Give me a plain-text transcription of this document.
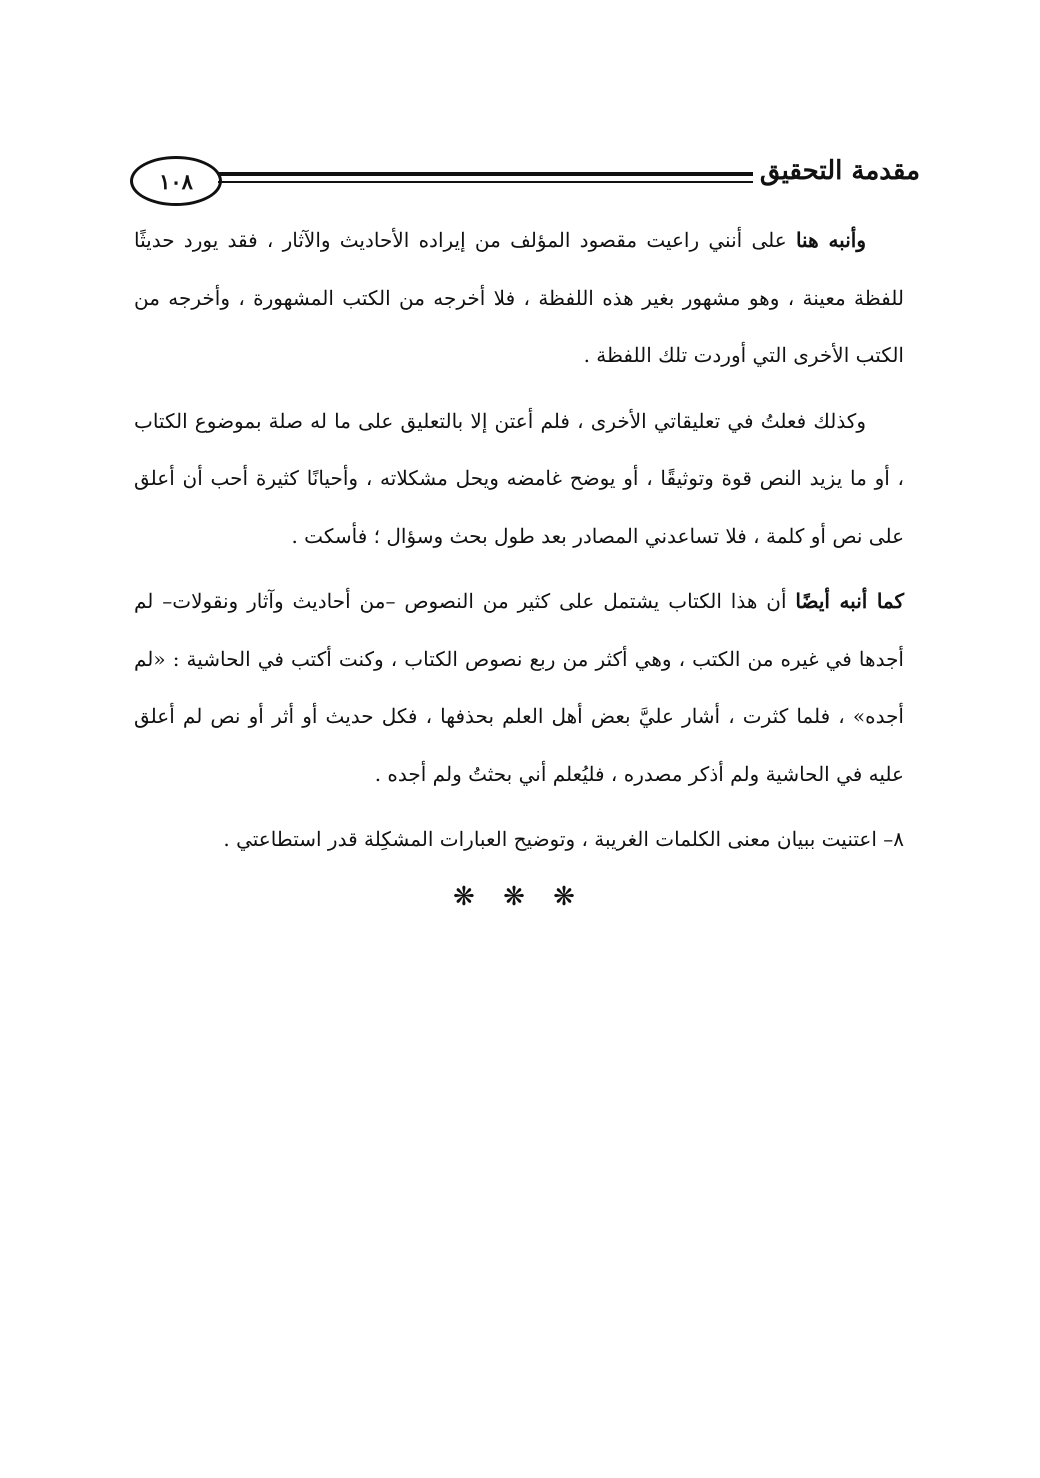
١٠٨	مقدمة التحقيق

وأنبه هنا على أنني راعيت مقصود المؤلف من إيراده الأحاديث والآثار ، فقد يورد حديثًا للفظة معينة ، وهو مشهور بغير هذه اللفظة ، فلا أخرجه من الكتب المشهورة ، وأخرجه من الكتب الأخرى التي أوردت تلك اللفظة .

وكذلك فعلتُ في تعليقاتي الأخرى ، فلم أعتن إلا بالتعليق على ما له صلة بموضوع الكتاب ، أو ما يزيد النص قوة وتوثيقًا ، أو يوضح غامضه ويحل مشكلاته ، وأحيانًا كثيرة أحب أن أعلق على نص أو كلمة ، فلا تساعدني المصادر بعد طول بحث وسؤال ؛ فأسكت .

كما أنبه أيضًا أن هذا الكتاب يشتمل على كثير من النصوص –من أحاديث وآثار ونقولات– لم أجدها في غيره من الكتب ، وهي أكثر من ربع نصوص الكتاب ، وكنت أكتب في الحاشية : «لم أجده» ، فلما كثرت ، أشار عليَّ بعض أهل العلم بحذفها ، فكل حديث أو أثر أو نص لم أعلق عليه في الحاشية ولم أذكر مصدره ، فليُعلم أني بحثتُ ولم أجده .

٨– اعتنيت ببيان معنى الكلمات الغريبة ، وتوضيح العبارات المشكِلة قدر استطاعتي .

❋ ❋ ❋
